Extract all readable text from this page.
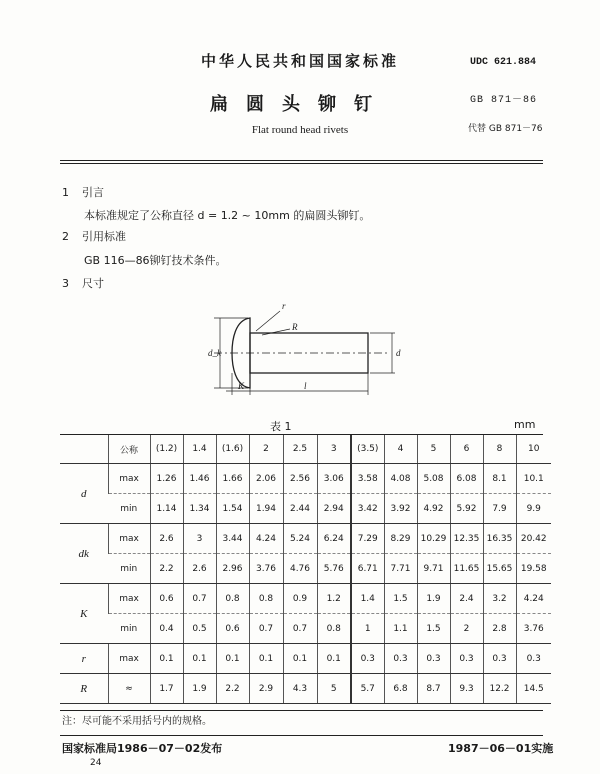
中华人民共和国国家标准
扁圆头铆钉
Flat round head rivets
UDC 621.884
GB 871－86
代替 GB 871－76
1 引言
本标准规定了公称直径 d = 1.2 ~ 10mm 的扁圆头铆钉。
2 引用标准
GB 116—86铆钉技术条件。
3 尺寸
r
R
d
d_k
K	l
表 1	mm
	公称	(1.2)	1.4	(1.6)	2	2.5	3	(3.5)	4	5	6	8	10
d	max	1.26	1.46	1.66	2.06	2.56	3.06	3.58	4.08	5.08	6.08	8.1	10.1
	min	1.14	1.34	1.54	1.94	2.44	2.94	3.42	3.92	4.92	5.92	7.9	9.9
dk	max	2.6	3	3.44	4.24	5.24	6.24	7.29	8.29	10.29	12.35	16.35	20.42
	min	2.2	2.6	2.96	3.76	4.76	5.76	6.71	7.71	9.71	11.65	15.65	19.58
K	max	0.6	0.7	0.8	0.8	0.9	1.2	1.4	1.5	1.9	2.4	3.2	4.24
	min	0.4	0.5	0.6	0.7	0.7	0.8	1	1.1	1.5	2	2.8	3.76
r	max	0.1	0.1	0.1	0.1	0.1	0.1	0.3	0.3	0.3	0.3	0.3	0.3
R	≈	1.7	1.9	2.2	2.9	4.3	5	5.7	6.8	8.7	9.3	12.2	14.5
注：尽可能不采用括号内的规格。
国家标准局1986－07－02发布	1987－06－01实施
24
